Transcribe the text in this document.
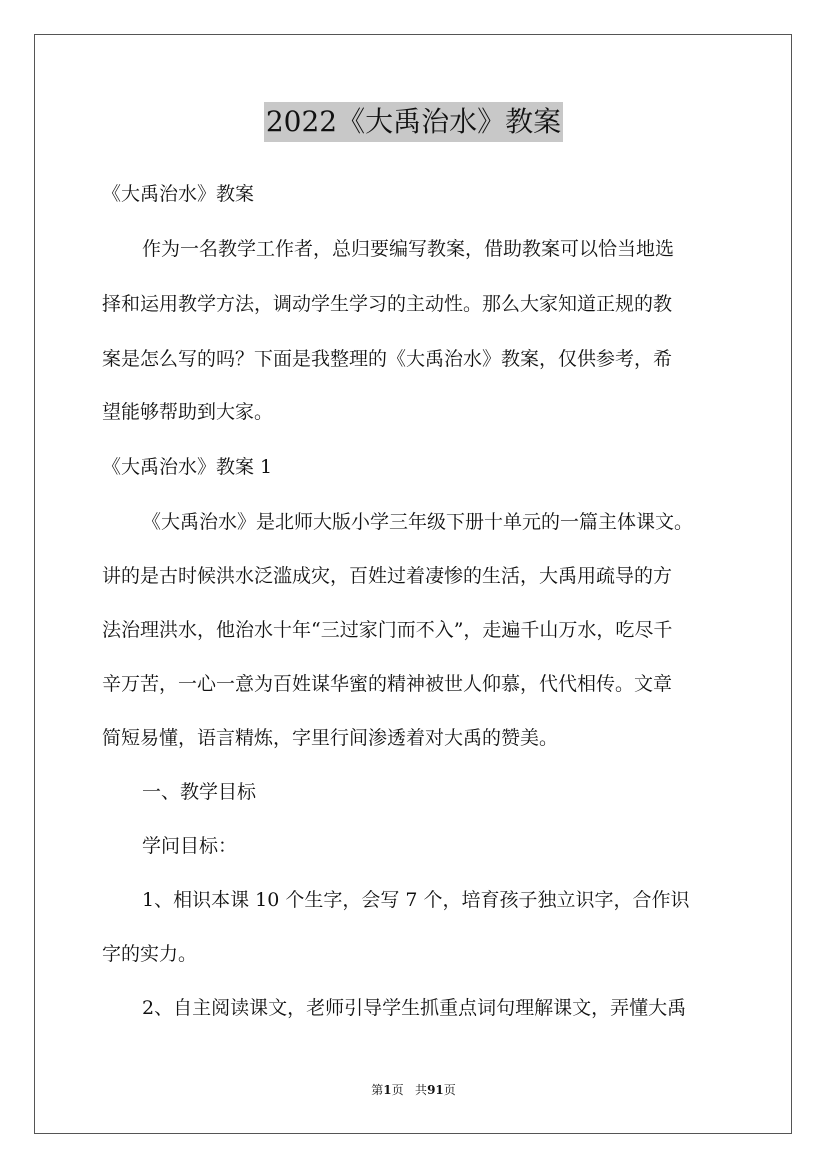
2022《大禹治水》教案
《大禹治水》教案
作为一名教学工作者，总归要编写教案，借助教案可以恰当地选
择和运用教学方法，调动学生学习的主动性。那么大家知道正规的教
案是怎么写的吗？下面是我整理的《大禹治水》教案，仅供参考，希
望能够帮助到大家。
《大禹治水》教案 1
《大禹治水》是北师大版小学三年级下册十单元的一篇主体课文。
讲的是古时候洪水泛滥成灾，百姓过着凄惨的生活，大禹用疏导的方
法治理洪水，他治水十年“三过家门而不入”，走遍千山万水，吃尽千
辛万苦，一心一意为百姓谋华蜜的精神被世人仰慕，代代相传。文章
简短易懂，语言精炼，字里行间渗透着对大禹的赞美。
一、教学目标
学问目标：
1、相识本课 10 个生字，会写 7 个，培育孩子独立识字，合作识
字的实力。
2、自主阅读课文，老师引导学生抓重点词句理解课文，弄懂大禹
第1页 共91页
